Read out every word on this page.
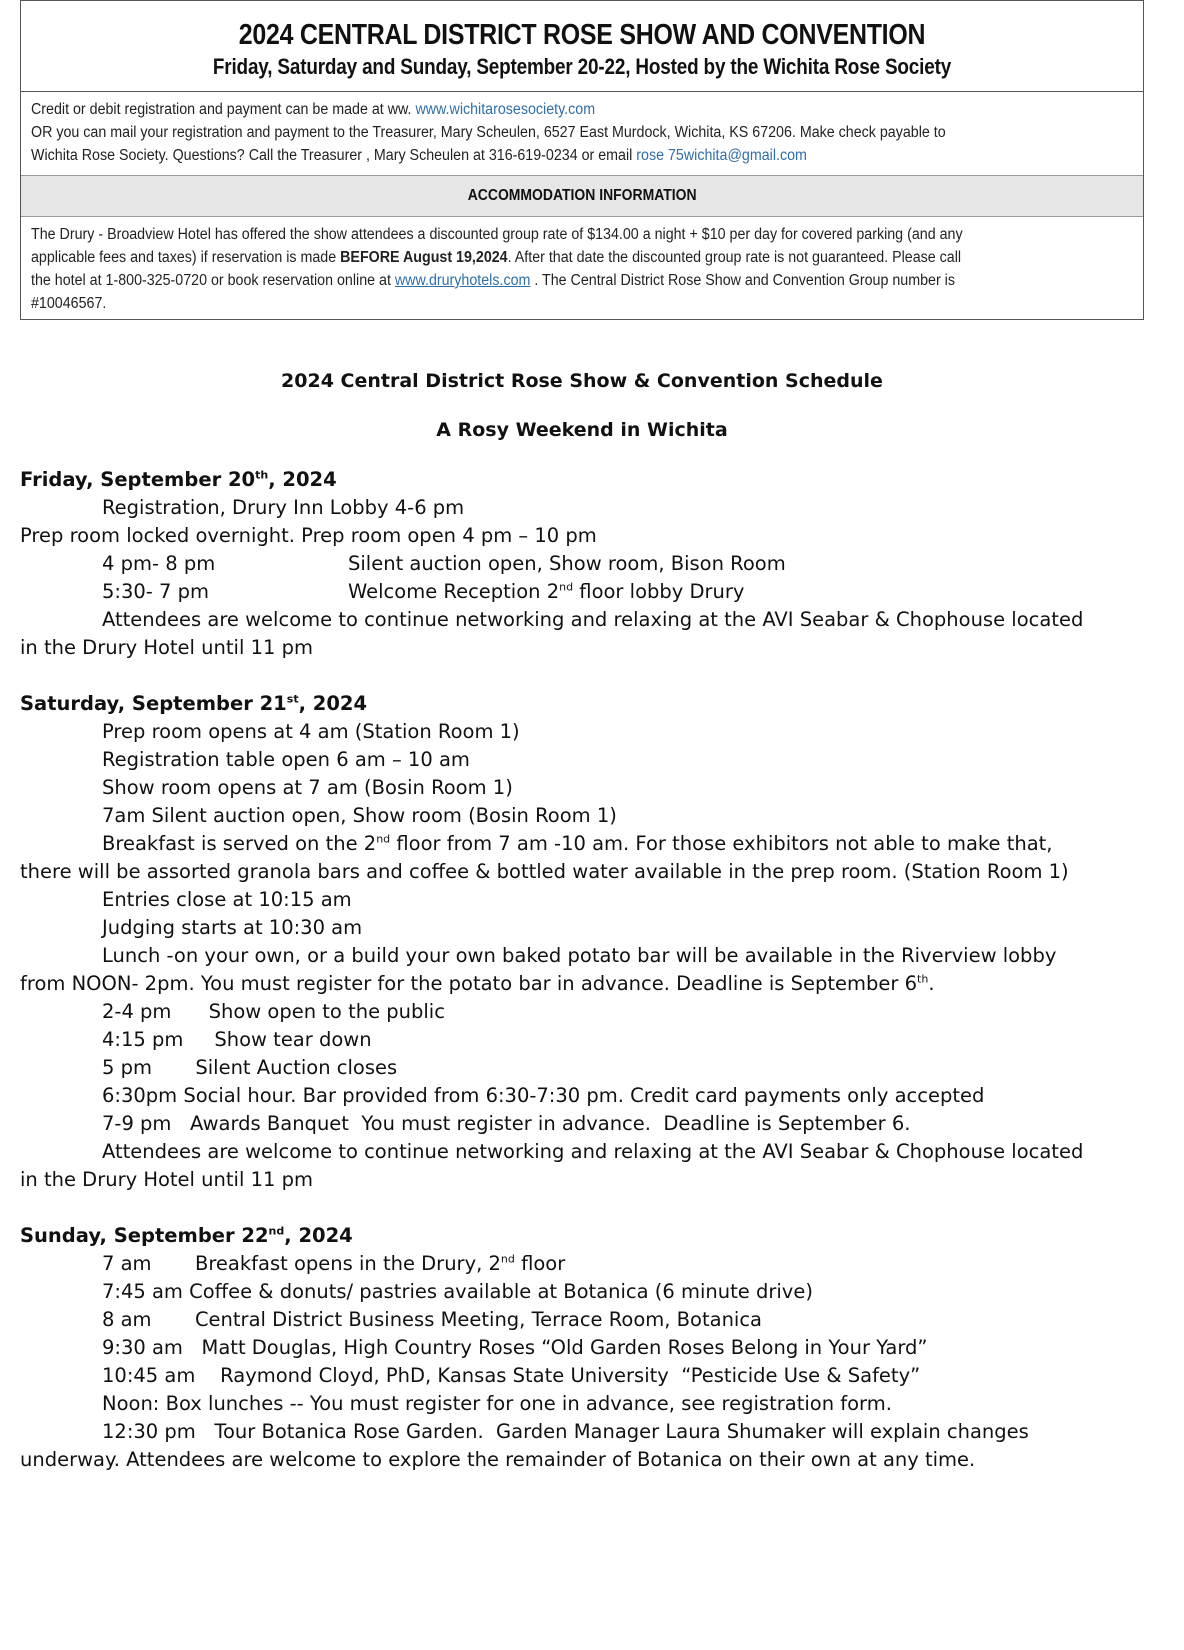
2024 CENTRAL DISTRICT ROSE SHOW AND CONVENTION
Friday, Saturday and Sunday, September 20-22, Hosted by the Wichita Rose Society
Credit or debit registration and payment can be made at ww. www.wichitarosesociety.com
OR you can mail your registration and payment to the Treasurer, Mary Scheulen, 6527 East Murdock, Wichita, KS 67206. Make check payable to
Wichita Rose Society. Questions? Call the Treasurer , Mary Scheulen at 316-619-0234 or email rose 75wichita@gmail.com
ACCOMMODATION INFORMATION
The Drury - Broadview Hotel has offered the show attendees a discounted group rate of $134.00 a night + $10 per day for covered parking (and any
applicable fees and taxes) if reservation is made BEFORE August 19,2024. After that date the discounted group rate is not guaranteed. Please call
the hotel at 1-800-325-0720 or book reservation online at www.druryhotels.com . The Central District Rose Show and Convention Group number is
#10046567.
2024 Central District Rose Show & Convention Schedule
A Rosy Weekend in Wichita
Friday, September 20th, 2024
Registration, Drury Inn Lobby 4-6 pm
Prep room locked overnight. Prep room open 4 pm – 10 pm
4 pm- 8 pm	Silent auction open, Show room, Bison Room
5:30- 7 pm	Welcome Reception 2nd floor lobby Drury
Attendees are welcome to continue networking and relaxing at the AVI Seabar & Chophouse located
in the Drury Hotel until 11 pm
Saturday, September 21st, 2024
Prep room opens at 4 am (Station Room 1)
Registration table open 6 am – 10 am
Show room opens at 7 am (Bosin Room 1)
7am Silent auction open, Show room (Bosin Room 1)
Breakfast is served on the 2nd floor from 7 am -10 am. For those exhibitors not able to make that,
there will be assorted granola bars and coffee & bottled water available in the prep room. (Station Room 1)
Entries close at 10:15 am
Judging starts at 10:30 am
Lunch -on your own, or a build your own baked potato bar will be available in the Riverview lobby
from NOON- 2pm. You must register for the potato bar in advance. Deadline is September 6th.
2-4 pm      Show open to the public
4:15 pm     Show tear down
5 pm       Silent Auction closes
6:30pm Social hour. Bar provided from 6:30-7:30 pm. Credit card payments only accepted
7-9 pm   Awards Banquet  You must register in advance.  Deadline is September 6.
Attendees are welcome to continue networking and relaxing at the AVI Seabar & Chophouse located
in the Drury Hotel until 11 pm
Sunday, September 22nd, 2024
7 am       Breakfast opens in the Drury, 2nd floor
7:45 am Coffee & donuts/ pastries available at Botanica (6 minute drive)
8 am       Central District Business Meeting, Terrace Room, Botanica
9:30 am   Matt Douglas, High Country Roses “Old Garden Roses Belong in Your Yard”
10:45 am    Raymond Cloyd, PhD, Kansas State University  “Pesticide Use & Safety”
Noon: Box lunches -- You must register for one in advance, see registration form.
12:30 pm   Tour Botanica Rose Garden.  Garden Manager Laura Shumaker will explain changes
underway. Attendees are welcome to explore the remainder of Botanica on their own at any time.
